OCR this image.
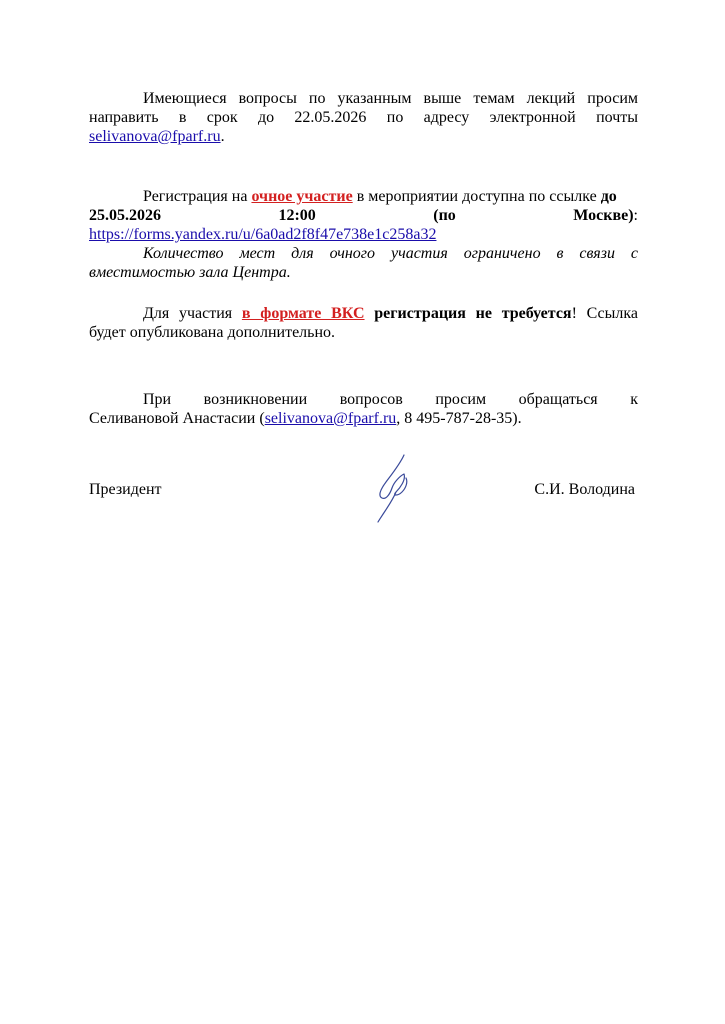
Имеющиеся вопросы по указанным выше темам лекций просим
направить в срок до 22.05.2026 по адресу электронной почты
selivanova@fparf.ru.
Регистрация на очное участие в мероприятии доступна по ссылке до
25.05.2026	12:00	(по	Москве):
https://forms.yandex.ru/u/6a0ad2f8f47e738e1c258a32
Количество мест для очного участия ограничено в связи с
вместимостью зала Центра.
Для участия в формате ВКС регистрация не требуется! Ссылка
будет опубликована дополнительно.
При возникновении вопросов просим обращаться к
Селивановой Анастасии (selivanova@fparf.ru, 8 495-787-28-35).
Президент	С.И. Володина
